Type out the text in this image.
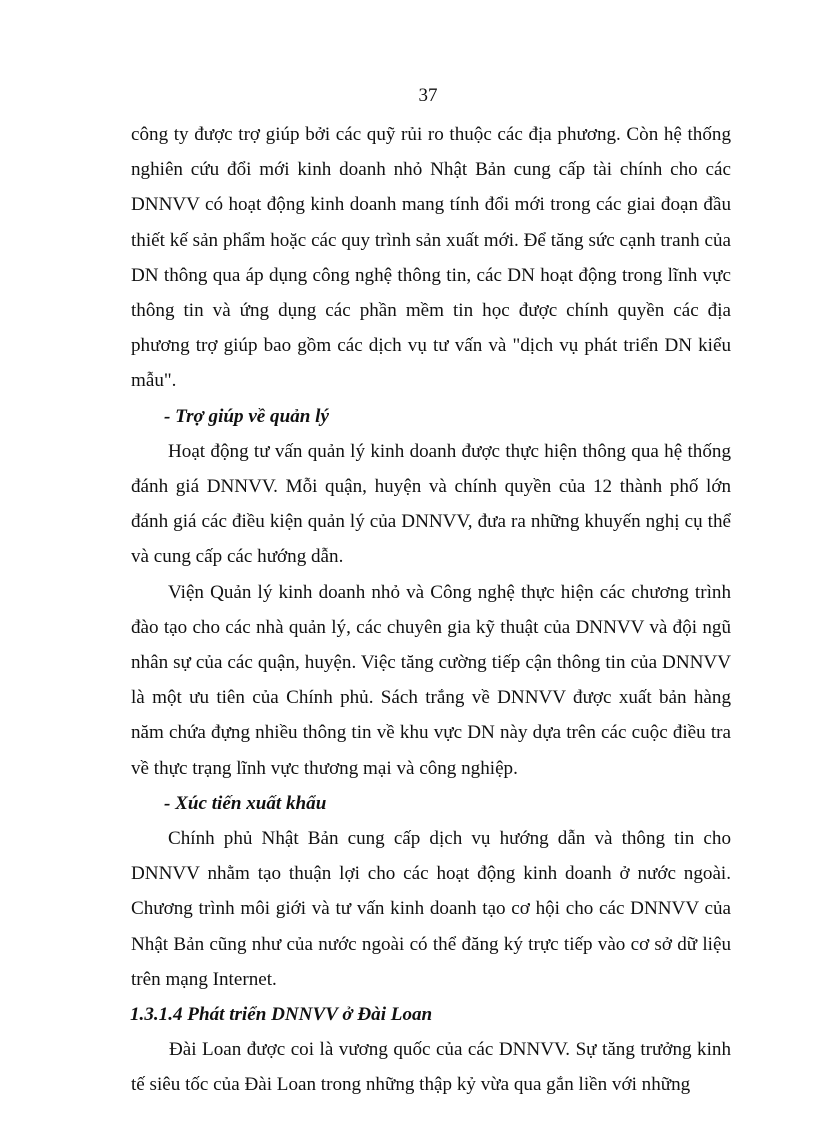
37

công ty được trợ giúp bởi các quỹ rủi ro thuộc các địa phương. Còn hệ thống nghiên cứu đổi mới kinh doanh nhỏ Nhật Bản cung cấp tài chính cho các DNNVV có hoạt động kinh doanh mang tính đổi mới trong các giai đoạn đầu thiết kế sản phẩm hoặc các quy trình sản xuất mới. Để tăng sức cạnh tranh của DN thông qua áp dụng công nghệ thông tin, các DN hoạt động trong lĩnh vực thông tin và ứng dụng các phần mềm tin học được chính quyền các địa phương trợ giúp bao gồm các dịch vụ tư vấn và "dịch vụ phát triển DN kiểu mẫu".

- Trợ giúp về quản lý

Hoạt động tư vấn quản lý kinh doanh được thực hiện thông qua hệ thống đánh giá DNNVV. Mỗi quận, huyện và chính quyền của 12 thành phố lớn đánh giá các điều kiện quản lý của DNNVV, đưa ra những khuyến nghị cụ thể và cung cấp các hướng dẫn.

Viện Quản lý kinh doanh nhỏ và Công nghệ thực hiện các chương trình đào tạo cho các nhà quản lý, các chuyên gia kỹ thuật của DNNVV và đội ngũ nhân sự của các quận, huyện. Việc tăng cường tiếp cận thông tin của DNNVV là một ưu tiên của Chính phủ. Sách trắng về DNNVV được xuất bản hàng năm chứa đựng nhiều thông tin về khu vực DN này dựa trên các cuộc điều tra về thực trạng lĩnh vực thương mại và công nghiệp.

- Xúc tiến xuất khẩu

Chính phủ Nhật Bản cung cấp dịch vụ hướng dẫn và thông tin cho DNNVV nhằm tạo thuận lợi cho các hoạt động kinh doanh ở nước ngoài. Chương trình môi giới và tư vấn kinh doanh tạo cơ hội cho các DNNVV của Nhật Bản cũng như của nước ngoài có thể đăng ký trực tiếp vào cơ sở dữ liệu trên mạng Internet.

1.3.1.4 Phát triển DNNVV ở Đài Loan

Đài Loan được coi là vương quốc của các DNNVV. Sự tăng trưởng kinh tế siêu tốc của Đài Loan trong những thập kỷ vừa qua gắn liền với những
